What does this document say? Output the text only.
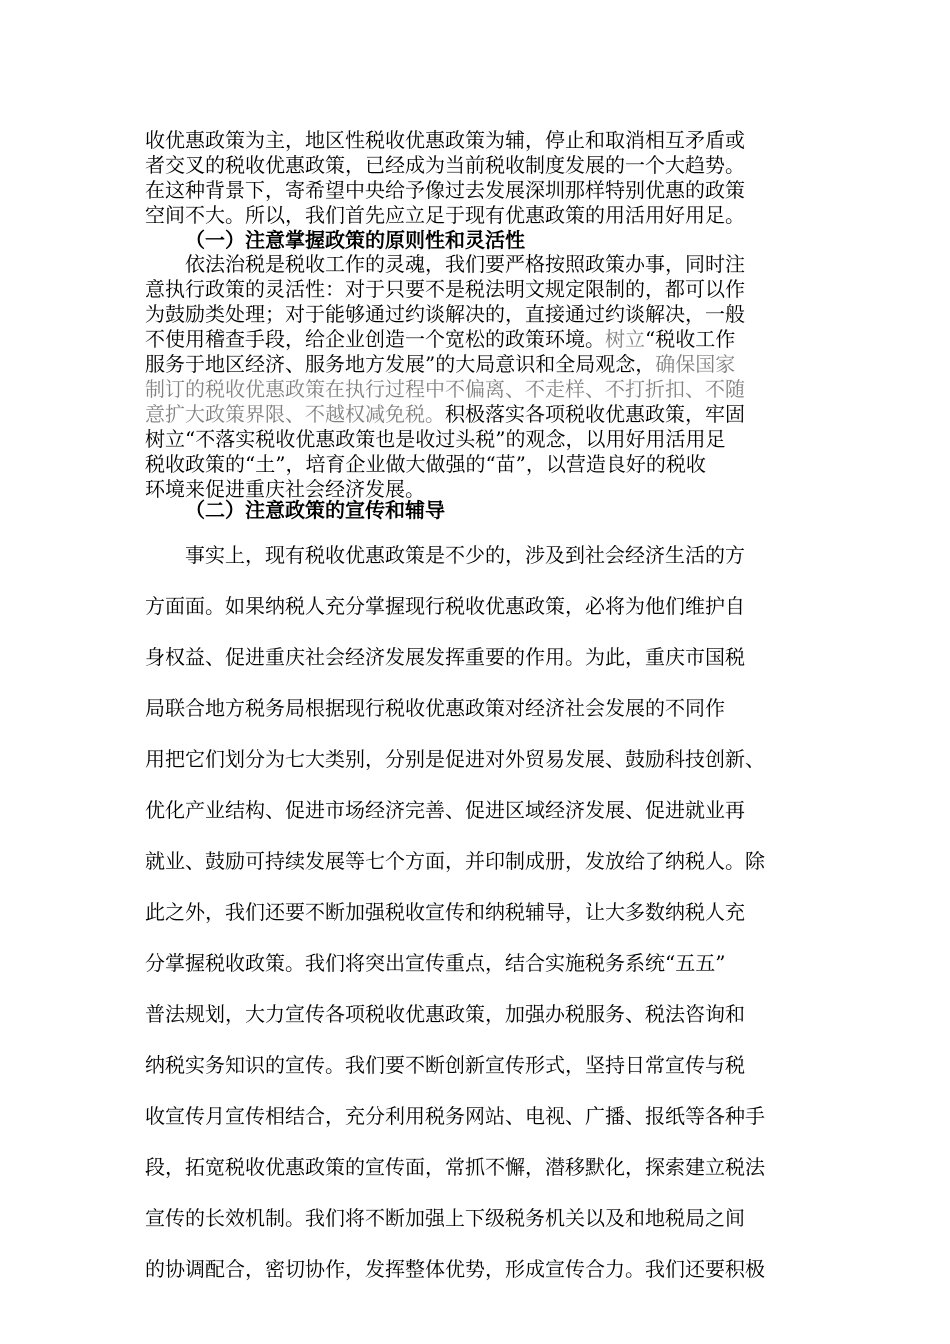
收优惠政策为主，地区性税收优惠政策为辅，停止和取消相互矛盾或
者交叉的税收优惠政策，已经成为当前税收制度发展的一个大趋势。
在这种背景下，寄希望中央给予像过去发展深圳那样特别优惠的政策
空间不大。所以，我们首先应立足于现有优惠政策的用活用好用足。
（一）注意掌握政策的原则性和灵活性
依法治税是税收工作的灵魂，我们要严格按照政策办事，同时注
意执行政策的灵活性：对于只要不是税法明文规定限制的，都可以作
为鼓励类处理；对于能够通过约谈解决的，直接通过约谈解决，一般
不使用稽查手段，给企业创造一个宽松的政策环境。树立“税收工作
服务于地区经济、服务地方发展”的大局意识和全局观念，确保国家
制订的税收优惠政策在执行过程中不偏离、不走样、不打折扣、不随
意扩大政策界限、不越权减免税。积极落实各项税收优惠政策，牢固
树立“不落实税收优惠政策也是收过头税”的观念，以用好用活用足
税收政策的“土”，培育企业做大做强的“苗”，以营造良好的税收
环境来促进重庆社会经济发展。
（二）注意政策的宣传和辅导
事实上，现有税收优惠政策是不少的，涉及到社会经济生活的方
方面面。如果纳税人充分掌握现行税收优惠政策，必将为他们维护自
身权益、促进重庆社会经济发展发挥重要的作用。为此，重庆市国税
局联合地方税务局根据现行税收优惠政策对经济社会发展的不同作
用把它们划分为七大类别，分别是促进对外贸易发展、鼓励科技创新、
优化产业结构、促进市场经济完善、促进区域经济发展、促进就业再
就业、鼓励可持续发展等七个方面，并印制成册，发放给了纳税人。除
此之外，我们还要不断加强税收宣传和纳税辅导，让大多数纳税人充
分掌握税收政策。我们将突出宣传重点，结合实施税务系统“五五”
普法规划，大力宣传各项税收优惠政策，加强办税服务、税法咨询和
纳税实务知识的宣传。我们要不断创新宣传形式，坚持日常宣传与税
收宣传月宣传相结合，充分利用税务网站、电视、广播、报纸等各种手
段，拓宽税收优惠政策的宣传面，常抓不懈，潜移默化，探索建立税法
宣传的长效机制。我们将不断加强上下级税务机关以及和地税局之间
的协调配合，密切协作，发挥整体优势，形成宣传合力。我们还要积极
